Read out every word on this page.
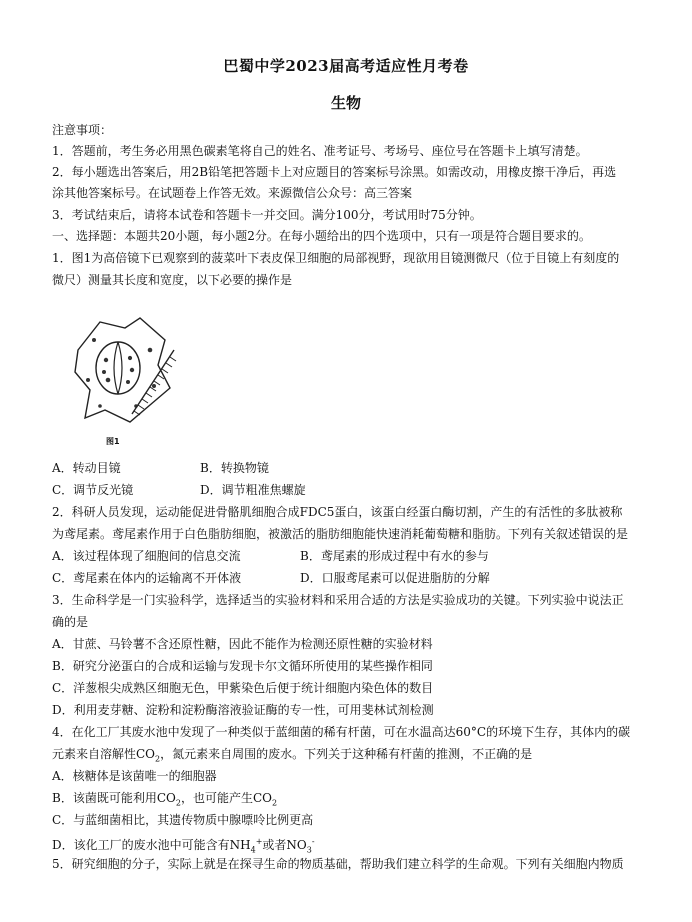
巴蜀中学2023届高考适应性月考卷
生物
注意事项：
1．答题前，考生务必用黑色碳素笔将自己的姓名、准考证号、考场号、座位号在答题卡上填写清楚。
2．每小题选出答案后，用2B铅笔把答题卡上对应题目的答案标号涂黑。如需改动，用橡皮擦干净后，再选
涂其他答案标号。在试题卷上作答无效。来源微信公众号：高三答案
3．考试结束后，请将本试卷和答题卡一并交回。满分100分，考试用时75分钟。
一、选择题：本题共20小题，每小题2分。在每小题给出的四个选项中，只有一项是符合题目要求的。
1．图1为高倍镜下已观察到的菠菜叶下表皮保卫细胞的局部视野，现欲用目镜测微尺（位于目镜上有刻度的
微尺）测量其长度和宽度，以下必要的操作是
图1
A．转动目镜	B．转换物镜
C．调节反光镜	D．调节粗准焦螺旋
2．科研人员发现，运动能促进骨骼肌细胞合成FDC5蛋白，该蛋白经蛋白酶切割，产生的有活性的多肽被称
为鸢尾素。鸢尾素作用于白色脂肪细胞，被激活的脂肪细胞能快速消耗葡萄糖和脂肪。下列有关叙述错误的是
A．该过程体现了细胞间的信息交流	B．鸢尾素的形成过程中有水的参与
C．鸢尾素在体内的运输离不开体液	D．口服鸢尾素可以促进脂肪的分解
3．生命科学是一门实验科学，选择适当的实验材料和采用合适的方法是实验成功的关键。下列实验中说法正
确的是
A．甘蔗、马铃薯不含还原性糖，因此不能作为检测还原性糖的实验材料
B．研究分泌蛋白的合成和运输与发现卡尔文循环所使用的某些操作相同
C．洋葱根尖成熟区细胞无色，甲紫染色后便于统计细胞内染色体的数目
D．利用麦芽糖、淀粉和淀粉酶溶液验证酶的专一性，可用斐林试剂检测
4．在化工厂其废水池中发现了一种类似于蓝细菌的稀有杆菌，可在水温高达60°C的环境下生存，其体内的碳
元素来自溶解性$CO_2$，氮元素来自周围的废水。下列关于这种稀有杆菌的推测，不正确的是
A．核糖体是该菌唯一的细胞器
B．该菌既可能利用$CO_2$，也可能产生$CO_2$
C．与蓝细菌相比，其遗传物质中腺嘌呤比例更高
D．该化工厂的废水池中可能含有$NH_4^+$或者$NO_3^-$
5．研究细胞的分子，实际上就是在探寻生命的物质基础，帮助我们建立科学的生命观。下列有关细胞内物质
